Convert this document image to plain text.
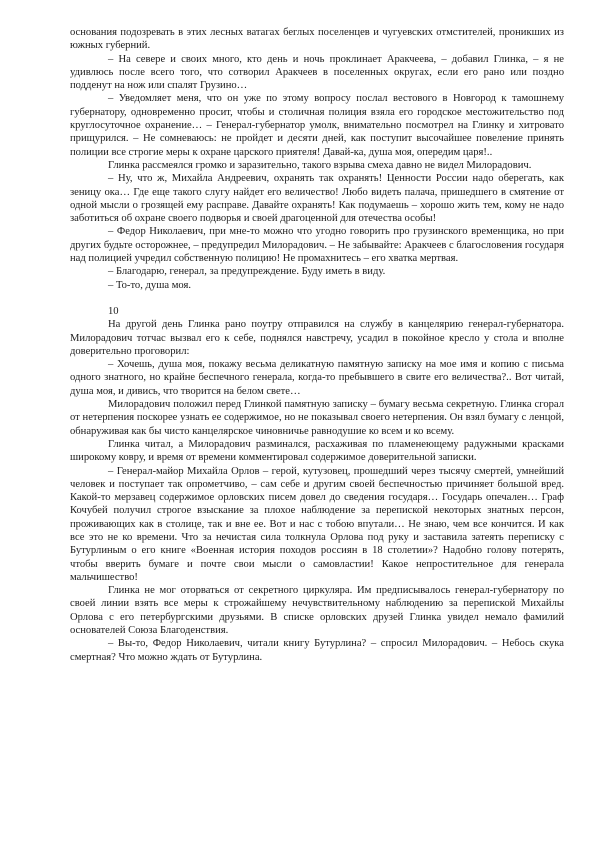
основания подозревать в этих лесных ватагах беглых поселенцев и чугуевских отмстителей, проникших из южных губерний.

– На севере и своих много, кто день и ночь проклинает Аракчеева, – добавил Глинка, – я не удивлюсь после всего того, что сотворил Аракчеев в поселенных округах, если его рано или поздно подденут на нож или спалят Грузино…

– Уведомляет меня, что он уже по этому вопросу послал вестового в Новгород к тамошнему губернатору, одновременно просит, чтобы и столичная полиция взяла его городское местожительство под круглосуточное охранение… – Генерал-губернатор умолк, внимательно посмотрел на Глинку и хитровато прищурился. – Не сомневаюсь: не пройдет и десяти дней, как поступит высочайшее повеление принять полиции все строгие меры к охране царского приятеля! Давай-ка, душа моя, опередим царя!..

Глинка рассмеялся громко и заразительно, такого взрыва смеха давно не видел Милорадович.

– Ну, что ж, Михайла Андреевич, охранять так охранять! Ценности России надо оберегать, как зеницу ока… Где еще такого слугу найдет его величество! Любо видеть палача, пришедшего в смятение от одной мысли о грозящей ему расправе. Давайте охранять! Как подумаешь – хорошо жить тем, кому не надо заботиться об охране своего подворья и своей драгоценной для отечества особы!

– Федор Николаевич, при мне-то можно что угодно говорить про грузинского временщика, но при других будьте осторожнее, – предупредил Милорадович. – Не забывайте: Аракчеев с благословения государя над полицией учредил собственную полицию! Не промахнитесь – его хватка мертвая.

– Благодарю, генерал, за предупреждение. Буду иметь в виду.

– То-то, душа моя.

10

На другой день Глинка рано поутру отправился на службу в канцелярию генерал-губернатора. Милорадович тотчас вызвал его к себе, поднялся навстречу, усадил в покойное кресло у стола и вполне доверительно проговорил:

– Хочешь, душа моя, покажу весьма деликатную памятную записку на мое имя и копию с письма одного знатного, но крайне беспечного генерала, когда-то пребывшего в свите его величества?.. Вот читай, душа моя, и дивись, что творится на белом свете…

Милорадович положил перед Глинкой памятную записку – бумагу весьма секретную. Глинка сгорал от нетерпения поскорее узнать ее содержимое, но не показывал своего нетерпения. Он взял бумагу с ленцой, обнаруживая как бы чисто канцелярское чиновничье равнодушие ко всем и ко всему.

Глинка читал, а Милорадович разминался, расхаживая по пламенеющему радужными красками широкому ковру, и время от времени комментировал содержимое доверительной записки.

– Генерал-майор Михайла Орлов – герой, кутузовец, прошедший через тысячу смертей, умнейший человек и поступает так опрометчиво, – сам себе и другим своей беспечностью причиняет большой вред. Какой-то мерзавец содержимое орловских писем довел до сведения государя… Государь опечален… Граф Кочубей получил строгое взыскание за плохое наблюдение за перепиской некоторых знатных персон, проживающих как в столице, так и вне ее. Вот и нас с тобою впутали… Не знаю, чем все кончится. И как все это не ко времени. Что за нечистая сила толкнула Орлова под руку и заставила затеять переписку с Бутурлиным о его книге «Военная история походов россиян в 18 столетии»? Надобно голову потерять, чтобы вверить бумаге и почте свои мысли о самовластии! Какое непростительное для генерала мальчишество!

Глинка не мог оторваться от секретного циркуляра. Им предписывалось генерал-губернатору по своей линии взять все меры к строжайшему нечувствительному наблюдению за перепиской Михайлы Орлова с его петербургскими друзьями. В списке орловских друзей Глинка увидел немало фамилий основателей Союза Благоденствия.

– Вы-то, Федор Николаевич, читали книгу Бутурлина? – спросил Милорадович. – Небось скука смертная? Что можно ждать от Бутурлина.
